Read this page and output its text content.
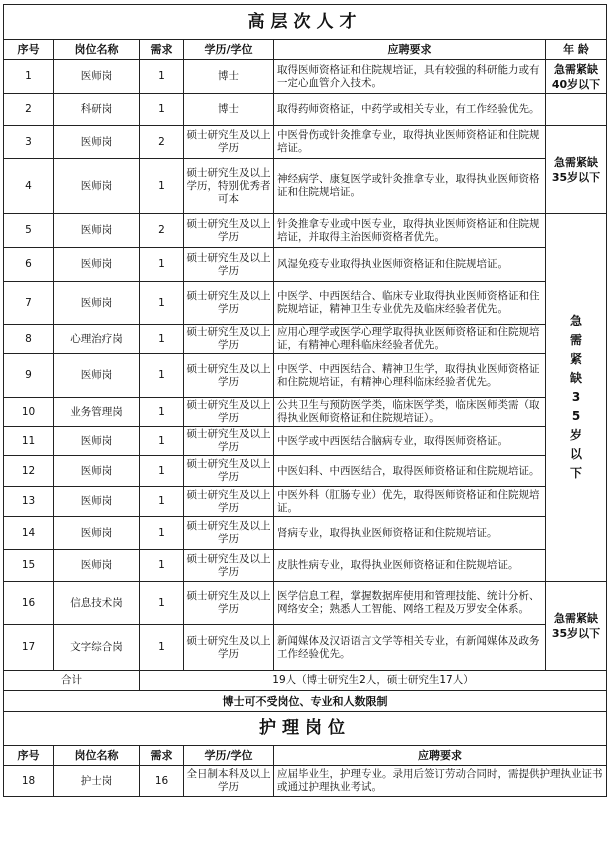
高层次人才					
序号	岗位名称	需求	学历/学位	应聘要求	年 龄
1	医师岗	1	博士	取得医师资格证和住院规培证，具有较强的科研能力或有一定心血管介入技术。	急需紧缺40岁以下
2	科研岗	1	博士	取得药师资格证，中药学或相关专业，有工作经验优先。	
3	医师岗	2	硕士研究生及以上学历	中医骨伤或针灸推拿专业，取得执业医师资格证和住院规培证。	急需紧缺35岁以下
4	医师岗	1	硕士研究生及以上学历，特别优秀者可本	神经病学、康复医学或针灸推拿专业，取得执业医师资格证和住院规培证。	
5	医师岗	2	硕士研究生及以上学历	针灸推拿专业或中医专业，取得执业医师资格证和住院规培证，并取得主治医师资格者优先。	急需紧缺35岁以下

6	医师岗	1	硕士研究生及以上学历	风湿免疫专业取得执业医师资格证和住院规培证。	
7	医师岗	1	硕士研究生及以上学历	中医学、中西医结合、临床专业取得执业医师资格证和住院规培证，精神卫生专业优先及临床经验者优先。	
8	心理治疗岗	1	硕士研究生及以上学历	应用心理学或医学心理学取得执业医师资格证和住院规培证，有精神心理科临床经验者优先。	
9	医师岗	1	硕士研究生及以上学历	中医学、中西医结合、精神卫生学，取得执业医师资格证和住院规培证，有精神心理科临床经验者优先。	
10	业务管理岗	1	硕士研究生及以上学历	公共卫生与预防医学类，临床医学类，临床医师类需（取得执业医师资格证和住院规培证）。	
11	医师岗	1	硕士研究生及以上学历	中医学或中西医结合脑病专业，取得医师资格证。	
12	医师岗	1	硕士研究生及以上学历	中医妇科、中西医结合，取得医师资格证和住院规培证。	
13	医师岗	1	硕士研究生及以上学历	中医外科（肛肠专业）优先，取得医师资格证和住院规培证。	
14	医师岗	1	硕士研究生及以上学历	肾病专业，取得执业医师资格证和住院规培证。	
15	医师岗	1	硕士研究生及以上学历	皮肤性病专业，取得执业医师资格证和住院规培证。	
16	信息技术岗	1	硕士研究生及以上学历	医学信息工程，掌握数据库使用和管理技能、统计分析、网络安全；熟悉人工智能、网络工程及万罗安全体系。	急需紧缺35岁以下
17	文字综合岗	1	硕士研究生及以上学历	新闻媒体及汉语语言文学等相关专业，有新闻媒体及政务工作经验优先。	
合计		19人（博士研究生2人，硕士研究生17人）			
博士可不受岗位、专业和人数限制					
护理岗位					
序号	岗位名称	需求	学历/学位	应聘要求	
18	护士岗	16	全日制本科及以上学历	应届毕业生，护理专业。录用后签订劳动合同时，需提供护理执业证书或通过护理执业考试。	
